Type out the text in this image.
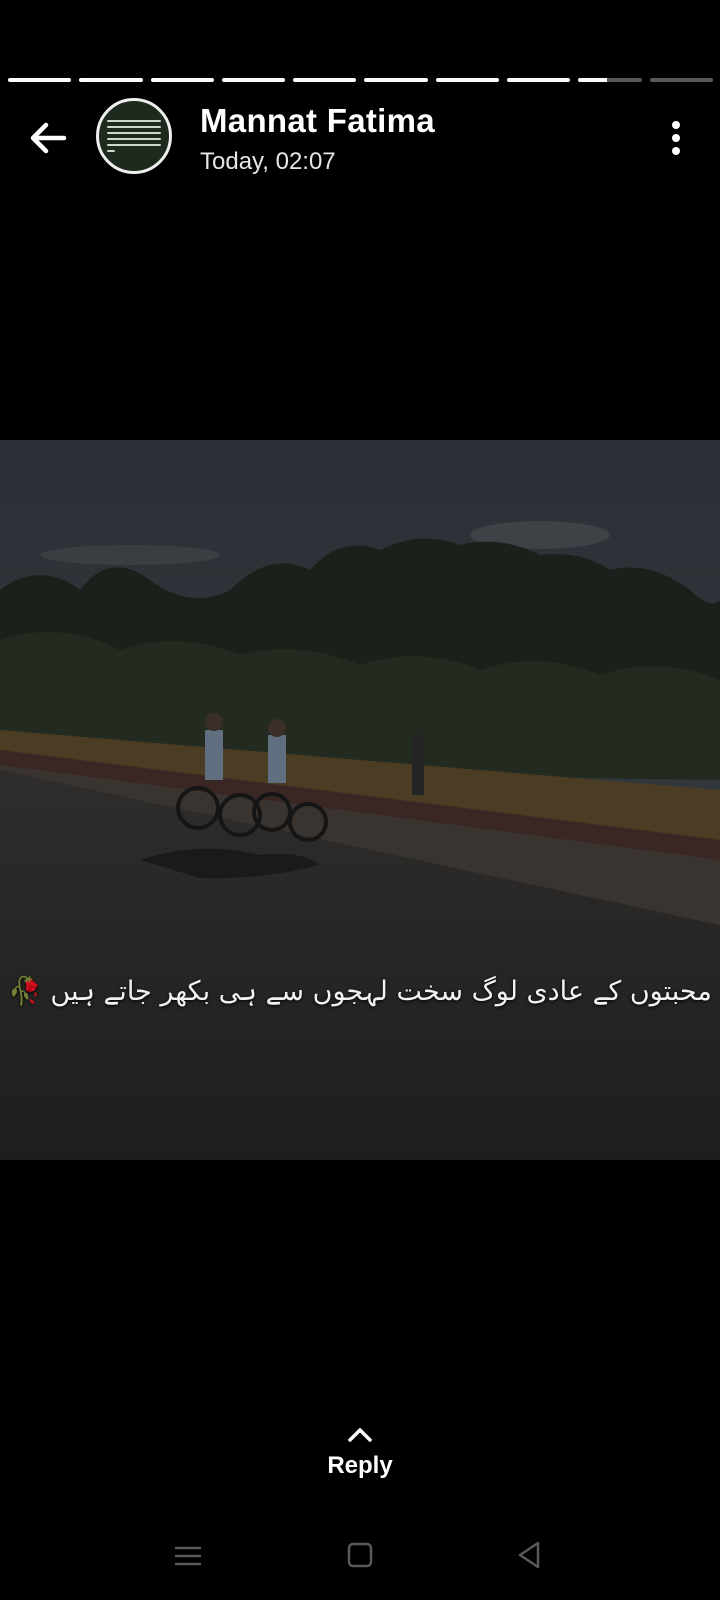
Mannat Fatima
Today, 02:07
محبتوں کے عادی لوگ سخت لہجوں سے ہی بکھر جاتے ہیں 🥀
Reply
